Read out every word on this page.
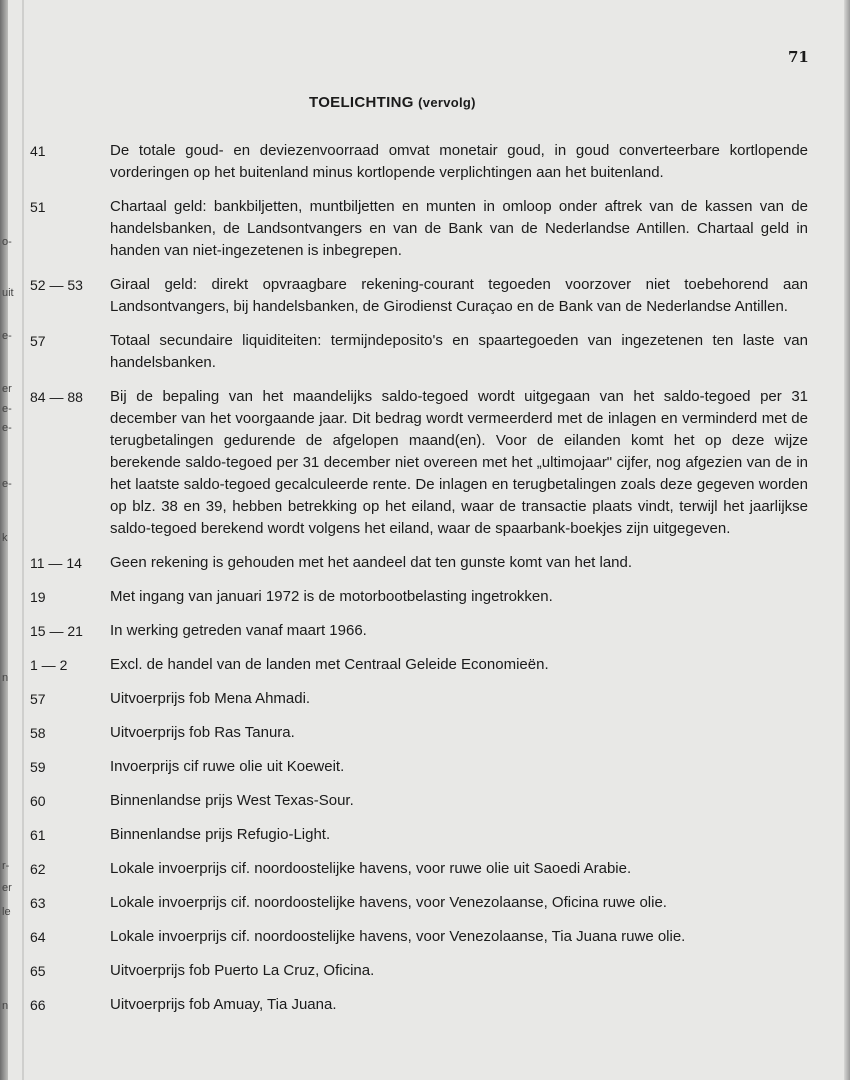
o-
uit
e-
er
e-
e-
e-
k
n
r-
er
le
n
71
TOELICHTING (vervolg)
41	De totale goud- en deviezenvoorraad omvat monetair goud, in goud converteerbare kortlopende vorderingen op het buitenland minus kortlopende verplichtingen aan het buitenland.
51	Chartaal geld: bankbiljetten, muntbiljetten en munten in omloop onder aftrek van de kassen van de handelsbanken, de Landsontvangers en van de Bank van de Nederlandse Antillen. Chartaal geld in handen van niet-ingezetenen is inbegrepen.
52 — 53	Giraal geld: direkt opvraagbare rekening-courant tegoeden voorzover niet toebehorend aan Landsontvangers, bij handelsbanken, de Girodienst Curaçao en de Bank van de Nederlandse Antillen.
57	Totaal secundaire liquiditeiten: termijndeposito's en spaartegoeden van ingezetenen ten laste van handelsbanken.
84 — 88	Bij de bepaling van het maandelijks saldo-tegoed wordt uitgegaan van het saldo-tegoed per 31 december van het voorgaande jaar. Dit bedrag wordt vermeerderd met de inlagen en verminderd met de terugbetalingen gedurende de afgelopen maand(en). Voor de eilanden komt het op deze wijze berekende saldo-tegoed per 31 december niet overeen met het „ultimojaar" cijfer, nog afgezien van de in het laatste saldo-tegoed gecalculeerde rente. De inlagen en terugbetalingen zoals deze gegeven worden op blz. 38 en 39, hebben betrekking op het eiland, waar de transactie plaats vindt, terwijl het jaarlijkse saldo-tegoed berekend wordt volgens het eiland, waar de spaarbank-boekjes zijn uitgegeven.
11 — 14	Geen rekening is gehouden met het aandeel dat ten gunste komt van het land.
19	Met ingang van januari 1972 is de motorbootbelasting ingetrokken.
15 — 21	In werking getreden vanaf maart 1966.
1 — 2	Excl. de handel van de landen met Centraal Geleide Economieën.
57	Uitvoerprijs fob Mena Ahmadi.
58	Uitvoerprijs fob Ras Tanura.
59	Invoerprijs cif ruwe olie uit Koeweit.
60	Binnenlandse prijs West Texas-Sour.
61	Binnenlandse prijs Refugio-Light.
62	Lokale invoerprijs cif. noordoostelijke havens, voor ruwe olie uit Saoedi Arabie.
63	Lokale invoerprijs cif. noordoostelijke havens, voor Venezolaanse, Oficina ruwe olie.
64	Lokale invoerprijs cif. noordoostelijke havens, voor Venezolaanse, Tia Juana ruwe olie.
65	Uitvoerprijs fob Puerto La Cruz, Oficina.
66	Uitvoerprijs fob Amuay, Tia Juana.
